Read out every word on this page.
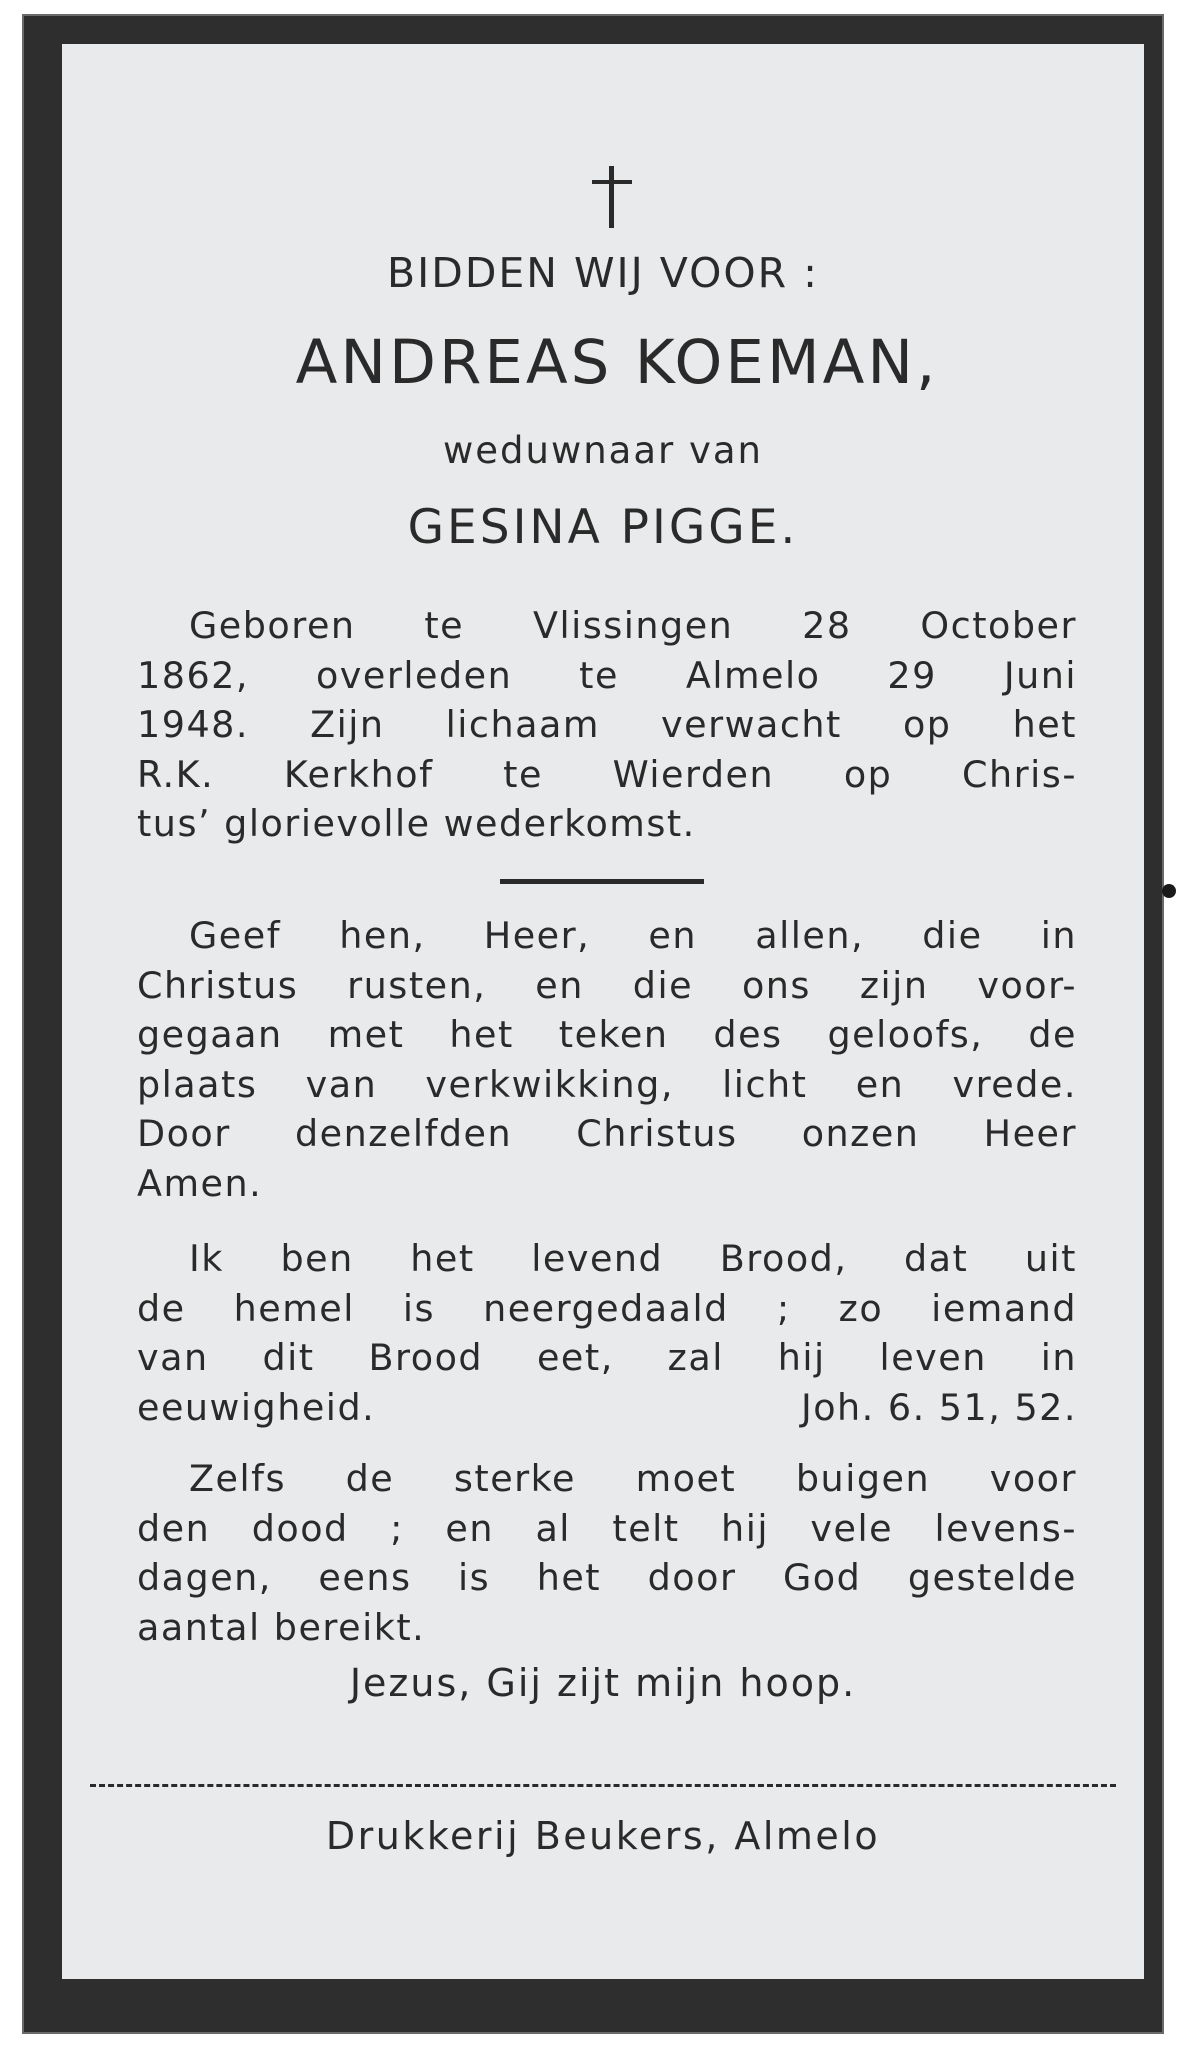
BIDDEN WIJ VOOR :
ANDREAS KOEMAN,
weduwnaar van
GESINA PIGGE.
Geboren te Vlissingen 28 October
1862, overleden te Almelo 29 Juni
1948. Zijn lichaam verwacht op het
R.K. Kerkhof te Wierden op Chris-
tus’ glorievolle wederkomst.
Geef hen, Heer, en allen, die in
Christus rusten, en die ons zijn voor-
gegaan met het teken des geloofs, de
plaats van verkwikking, licht en vrede.
Door denzelfden Christus onzen Heer
Amen.
Ik ben het levend Brood, dat uit
de hemel is neergedaald ; zo iemand
van dit Brood eet, zal hij leven in
eeuwigheid.	Joh. 6. 51, 52.
Zelfs de sterke moet buigen voor
den dood ; en al telt hij vele levens-
dagen, eens is het door God gestelde
aantal bereikt.
Jezus, Gij zijt mijn hoop.
Drukkerij Beukers, Almelo
